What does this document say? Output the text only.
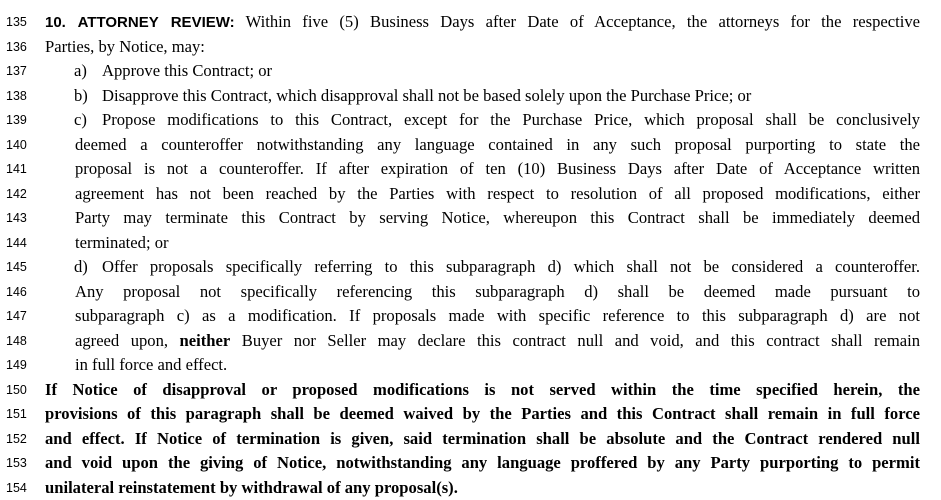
135	10. ATTORNEY REVIEW: Within five (5) Business Days after Date of Acceptance, the attorneys for the respective
136	Parties, by Notice, may:
137	a) Approve this Contract; or
138	b) Disapprove this Contract, which disapproval shall not be based solely upon the Purchase Price; or
139	c) Propose modifications to this Contract, except for the Purchase Price, which proposal shall be conclusively
140	deemed a counteroffer notwithstanding any language contained in any such proposal purporting to state the
141	proposal is not a counteroffer. If after expiration of ten (10) Business Days after Date of Acceptance written
142	agreement has not been reached by the Parties with respect to resolution of all proposed modifications, either
143	Party may terminate this Contract by serving Notice, whereupon this Contract shall be immediately deemed
144	terminated; or
145	d) Offer proposals specifically referring to this subparagraph d) which shall not be considered a counteroffer.
146	Any proposal not specifically referencing this subparagraph d) shall be deemed made pursuant to
147	subparagraph c) as a modification. If proposals made with specific reference to this subparagraph d) are not
148	agreed upon, neither Buyer nor Seller may declare this contract null and void, and this contract shall remain
149	in full force and effect.
150	If Notice of disapproval or proposed modifications is not served within the time specified herein, the
151	provisions of this paragraph shall be deemed waived by the Parties and this Contract shall remain in full force
152	and effect. If Notice of termination is given, said termination shall be absolute and the Contract rendered null
153	and void upon the giving of Notice, notwithstanding any language proffered by any Party purporting to permit
154	unilateral reinstatement by withdrawal of any proposal(s).
